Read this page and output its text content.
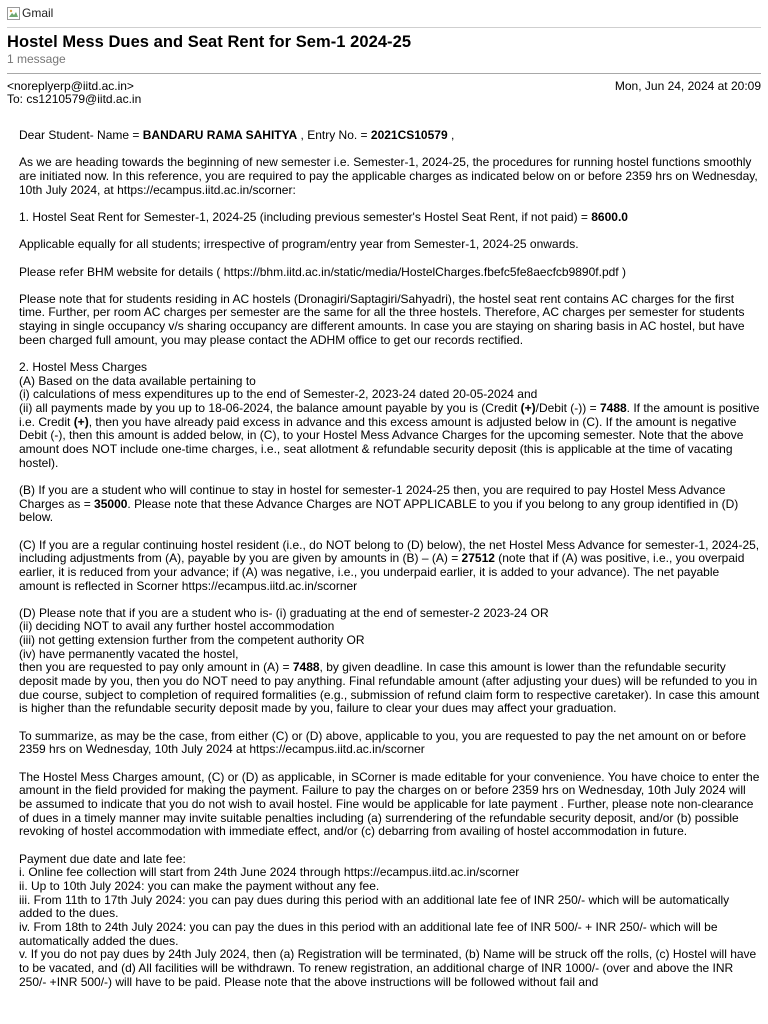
Gmail
Hostel Mess Dues and Seat Rent for Sem-1 2024-25
1 message
<noreplyerp@iitd.ac.in>	Mon, Jun 24, 2024 at 20:09
To: cs1210579@iitd.ac.in

Dear Student- Name = BANDARU RAMA SAHITYA , Entry No. = 2021CS10579 ,

As we are heading towards the beginning of new semester i.e. Semester-1, 2024-25, the procedures for running hostel functions smoothly are initiated now. In this reference, you are required to pay the applicable charges as indicated below on or before 2359 hrs on Wednesday, 10th July 2024, at https://ecampus.iitd.ac.in/scorner:

1. Hostel Seat Rent for Semester-1, 2024-25 (including previous semester's Hostel Seat Rent, if not paid) = 8600.0

Applicable equally for all students; irrespective of program/entry year from Semester-1, 2024-25 onwards.

Please refer BHM website for details ( https://bhm.iitd.ac.in/static/media/HostelCharges.fbefc5fe8aecfcb9890f.pdf )

Please note that for students residing in AC hostels (Dronagiri/Saptagiri/Sahyadri), the hostel seat rent contains AC charges for the first time. Further, per room AC charges per semester are the same for all the three hostels. Therefore, AC charges per semester for students staying in single occupancy v/s sharing occupancy are different amounts. In case you are staying on sharing basis in AC hostel, but have been charged full amount, you may please contact the ADHM office to get our records rectified.

2. Hostel Mess Charges
(A) Based on the data available pertaining to
(i) calculations of mess expenditures up to the end of Semester-2, 2023-24 dated 20-05-2024 and
(ii) all payments made by you up to 18-06-2024, the balance amount payable by you is (Credit (+)/Debit (-)) = 7488. If the amount is positive i.e. Credit (+), then you have already paid excess in advance and this excess amount is adjusted below in (C). If the amount is negative Debit (-), then this amount is added below, in (C), to your Hostel Mess Advance Charges for the upcoming semester. Note that the above amount does NOT include one-time charges, i.e., seat allotment & refundable security deposit (this is applicable at the time of vacating hostel).

(B) If you are a student who will continue to stay in hostel for semester-1 2024-25 then, you are required to pay Hostel Mess Advance Charges as = 35000. Please note that these Advance Charges are NOT APPLICABLE to you if you belong to any group identified in (D) below.

(C) If you are a regular continuing hostel resident (i.e., do NOT belong to (D) below), the net Hostel Mess Advance for semester-1, 2024-25, including adjustments from (A), payable by you are given by amounts in (B) – (A) = 27512 (note that if (A) was positive, i.e., you overpaid earlier, it is reduced from your advance; if (A) was negative, i.e., you underpaid earlier, it is added to your advance). The net payable amount is reflected in Scorner https://ecampus.iitd.ac.in/scorner

(D) Please note that if you are a student who is- (i) graduating at the end of semester-2 2023-24 OR
(ii) deciding NOT to avail any further hostel accommodation
(iii) not getting extension further from the competent authority OR
(iv) have permanently vacated the hostel,
then you are requested to pay only amount in (A) = 7488, by given deadline. In case this amount is lower than the refundable security deposit made by you, then you do NOT need to pay anything. Final refundable amount (after adjusting your dues) will be refunded to you in due course, subject to completion of required formalities (e.g., submission of refund claim form to respective caretaker). In case this amount is higher than the refundable security deposit made by you, failure to clear your dues may affect your graduation.

To summarize, as may be the case, from either (C) or (D) above, applicable to you, you are requested to pay the net amount on or before 2359 hrs on Wednesday, 10th July 2024 at https://ecampus.iitd.ac.in/scorner

The Hostel Mess Charges amount, (C) or (D) as applicable, in SCorner is made editable for your convenience. You have choice to enter the amount in the field provided for making the payment. Failure to pay the charges on or before 2359 hrs on Wednesday, 10th July 2024 will be assumed to indicate that you do not wish to avail hostel. Fine would be applicable for late payment . Further, please note non-clearance of dues in a timely manner may invite suitable penalties including (a) surrendering of the refundable security deposit, and/or (b) possible revoking of hostel accommodation with immediate effect, and/or (c) debarring from availing of hostel accommodation in future.

Payment due date and late fee:
i. Online fee collection will start from 24th June 2024 through https://ecampus.iitd.ac.in/scorner
ii. Up to 10th July 2024: you can make the payment without any fee.
iii. From 11th to 17th July 2024: you can pay dues during this period with an additional late fee of INR 250/- which will be automatically added to the dues.
iv. From 18th to 24th July 2024: you can pay the dues in this period with an additional late fee of INR 500/- + INR 250/- which will be automatically added the dues.
v. If you do not pay dues by 24th July 2024, then (a) Registration will be terminated, (b) Name will be struck off the rolls, (c) Hostel will have to be vacated, and (d) All facilities will be withdrawn. To renew registration, an additional charge of INR 1000/- (over and above the INR 250/- +INR 500/-) will have to be paid. Please note that the above instructions will be followed without fail and
